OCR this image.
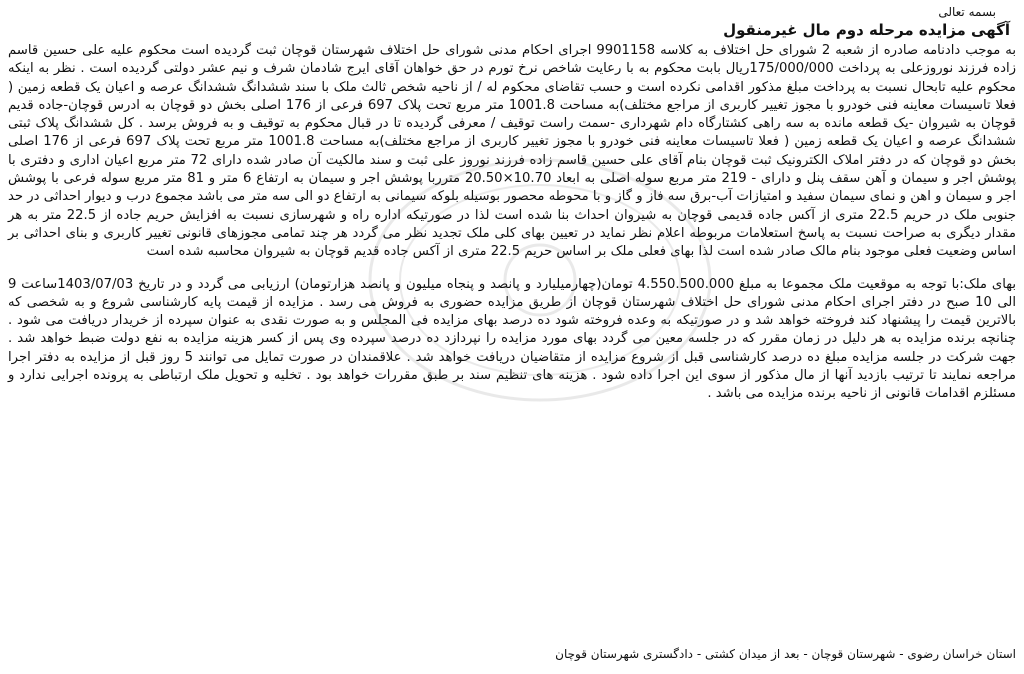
بسمه تعالی
آگهی مزایده مرحله دوم مال غیرمنقول

به موجب دادنامه صادره از شعبه 2 شورای حل اختلاف به کلاسه 9901158 اجرای احکام مدنی شورای حل اختلاف شهرستان قوچان ثبت گردیده است محکوم علیه علی حسین قاسم زاده فرزند نوروزعلی به پرداخت 175/000/000ریال بابت محکوم به با رعایت شاخص نرخ تورم در حق خواهان آقای ایرج شادمان شرف و نیم عشر دولتی گردیده است . نظر به اینکه محکوم علیه تابحال نسبت به پرداخت مبلغ مذکور اقدامی نکرده است و حسب تقاضای محکوم له / از ناحیه شخص ثالث ملک با سند ششدانگ ششدانگ عرصه و اعیان یک قطعه زمین ( فعلا تاسیسات معاینه فنی خودرو با مجوز تغییر کاربری از مراجع مختلف)به مساحت 1001.8 متر مربع تحت پلاک 697 فرعی از 176 اصلی بخش دو قوچان به ادرس قوچان-جاده قدیم قوچان به شیروان -یک قطعه مانده به سه راهی کشتارگاه دام شهرداری -سمت راست توقیف / معرفی گردیده تا در قبال محکوم به توقیف و به فروش برسد . کل ششدانگ پلاک ثبتی ششدانگ عرصه و اعیان یک قطعه زمین ( فعلا تاسیسات معاینه فنی خودرو با مجوز تغییر کاربری از مراجع مختلف)به مساحت 1001.8 متر مربع تحت پلاک 697 فرعی از 176 اصلی بخش دو قوچان که در دفتر املاک الکترونیک ثبت قوچان بنام آقای علی حسین قاسم زاده فرزند نوروز علی ثبت و سند مالکیت آن صادر شده دارای 72 متر مربع اعیان اداری و دفتری با پوشش اجر و سیمان و آهن سقف پنل و دارای - 219 متر مربع سوله اصلی به ابعاد 10.70×20.50 مترربا پوشش اجر و سیمان به ارتفاع 6 متر و 81 متر مربع سوله فرعی با پوشش اجر و سیمان و اهن و نمای سیمان سفید و امتیازات آب-برق سه فاز و گاز و با محوطه محصور بوسیله بلوکه سیمانی به ارتفاع دو الی سه متر می باشد مجموع درب و دیوار احداثی در حد جنوبی ملک در حریم 22.5 متری از آکس جاده قدیمی قوچان به شیروان احداث بنا شده است لذا در صورتیکه اداره راه و شهرسازی نسبت به افزایش حریم جاده از 22.5 متر به هر مقدار دیگری به صراحت نسبت به پاسخ استعلامات مربوطه اعلام نظر نماید در تعیین بهای کلی ملک تجدید نظر می گردد هر چند تمامی مجوزهای قانونی تغییر کاربری و بنای احداثی بر اساس وضعیت فعلی موجود بنام مالک صادر شده است لذا بهای فعلی ملک بر اساس حریم 22.5 متری از آکس جاده قدیم قوچان به شیروان محاسبه شده است

بهای ملک:با توجه به موقعیت ملک مجموعا به مبلغ 4.550.500.000 تومان(چهارمیلیارد و پانصد و پنجاه میلیون و پانصد هزارتومان) ارزیابی می گردد و در تاریخ 1403/07/03ساعت 9 الی 10 صبح در دفتر اجرای احکام مدنی شورای حل اختلاف شهرستان قوچان از طریق مزایده حضوری به فروش می رسد . مزایده از قیمت پایه کارشناسی شروع و به شخصی که بالاترین قیمت را پیشنهاد کند فروخته خواهد شد و در صورتیکه به وعده فروخته شود ده درصد بهای مزایده فی المجلس و به صورت نقدی به عنوان سپرده از خریدار دریافت می شود . چنانچه برنده مزایده به هر دلیل در زمان مقرر که در جلسه معین می گردد بهای مورد مزایده را نپردازد ده درصد سپرده وی پس از کسر هزینه مزایده به نفع دولت ضبط خواهد شد . جهت شرکت در جلسه مزایده مبلغ ده درصد کارشناسی قبل از شروع مزایده از متقاضیان دریافت خواهد شد . علاقمندان در صورت تمایل می توانند 5 روز قبل از مزایده به دفتر اجرا مراجعه نمایند تا ترتیب بازدید آنها از مال مذکور از سوی این اجرا داده شود . هزینه های تنظیم سند بر طبق مقررات خواهد بود . تخلیه و تحویل ملک ارتباطی به پرونده اجرایی ندارد و مسئلزم اقدامات قانونی از ناحیه برنده مزایده می باشد .

استان خراسان رضوی - شهرستان قوچان - بعد از میدان کشتی - دادگستری شهرستان قوچان
